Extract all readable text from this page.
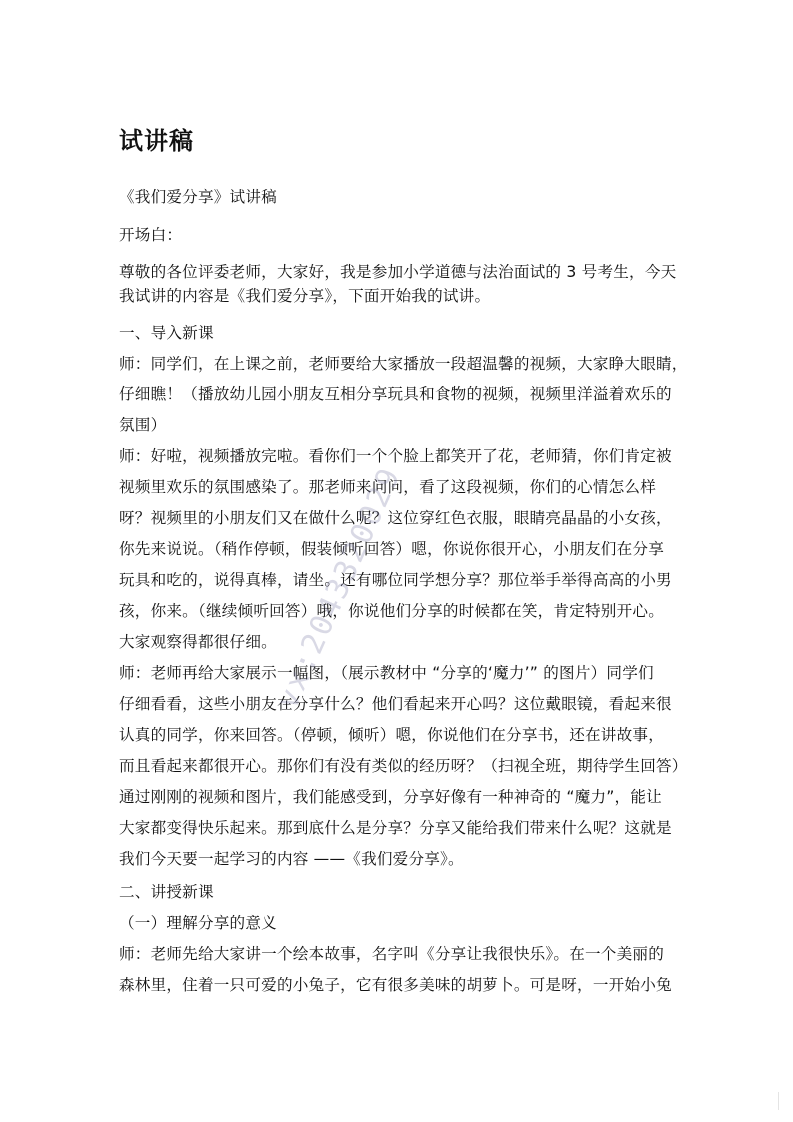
试讲稿
《我们爱分享》试讲稿
开场白：
尊敬的各位评委老师，大家好，我是参加小学道德与法治面试的 3 号考生，今天
我试讲的内容是《我们爱分享》，下面开始我的试讲。
一、导入新课
师：同学们，在上课之前，老师要给大家播放一段超温馨的视频，大家睁大眼睛，
仔细瞧！（播放幼儿园小朋友互相分享玩具和食物的视频，视频里洋溢着欢乐的
氛围）
师：好啦，视频播放完啦。看你们一个个脸上都笑开了花，老师猜，你们肯定被
视频里欢乐的氛围感染了。那老师来问问，看了这段视频，你们的心情怎么样
呀？视频里的小朋友们又在做什么呢？这位穿红色衣服，眼睛亮晶晶的小女孩，
你先来说说。（稍作停顿，假装倾听回答）嗯，你说你很开心，小朋友们在分享
玩具和吃的，说得真棒，请坐。还有哪位同学想分享？那位举手举得高高的小男
孩，你来。（继续倾听回答）哦，你说他们分享的时候都在笑，肯定特别开心。
大家观察得都很仔细。
师：老师再给大家展示一幅图，（展示教材中 “分享的‘魔力’” 的图片）同学们
仔细看看，这些小朋友在分享什么？他们看起来开心吗？这位戴眼镜，看起来很
认真的同学，你来回答。（停顿，倾听）嗯，你说他们在分享书，还在讲故事，
而且看起来都很开心。那你们有没有类似的经历呀？（扫视全班，期待学生回答）
通过刚刚的视频和图片，我们能感受到，分享好像有一种神奇的 “魔力”，能让
大家都变得快乐起来。那到底什么是分享？分享又能给我们带来什么呢？这就是
我们今天要一起学习的内容 ——《我们爱分享》。
二、讲授新课
（一）理解分享的意义
师：老师先给大家讲一个绘本故事，名字叫《分享让我很快乐》。在一个美丽的
森林里，住着一只可爱的小兔子，它有很多美味的胡萝卜。可是呀，一开始小兔
vx:2043320029
